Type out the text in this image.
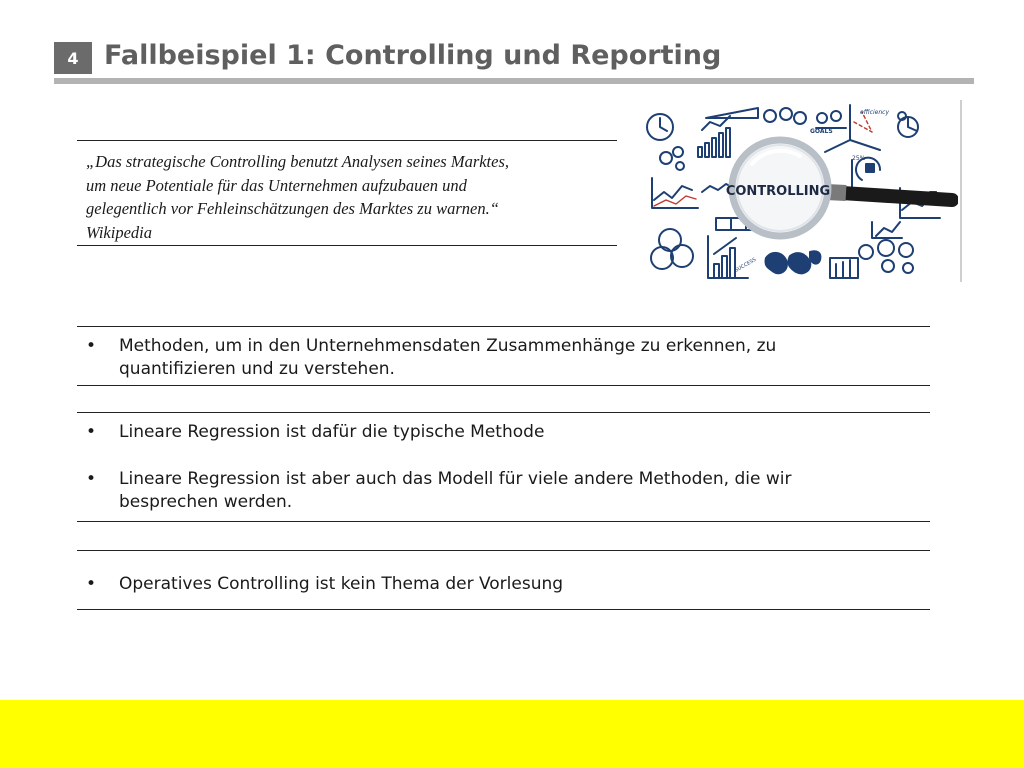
4 Fallbeispiel 1: Controlling und Reporting
„Das strategische Controlling benutzt Analysen seines Marktes,
um neue Potentiale für das Unternehmen aufzubauen und
gelegentlich vor Fehleinschätzungen des Marktes zu warnen.“
Wikipedia
GOALS
efficiency
25%
SUCCESS
CONTROLLING
• Methoden, um in den Unternehmensdaten Zusammenhänge zu erkennen, zu
quantifizieren und zu verstehen.
• Lineare Regression ist dafür die typische Methode
• Lineare Regression ist aber auch das Modell für viele andere Methoden, die wir
besprechen werden.
• Operatives Controlling ist kein Thema der Vorlesung
